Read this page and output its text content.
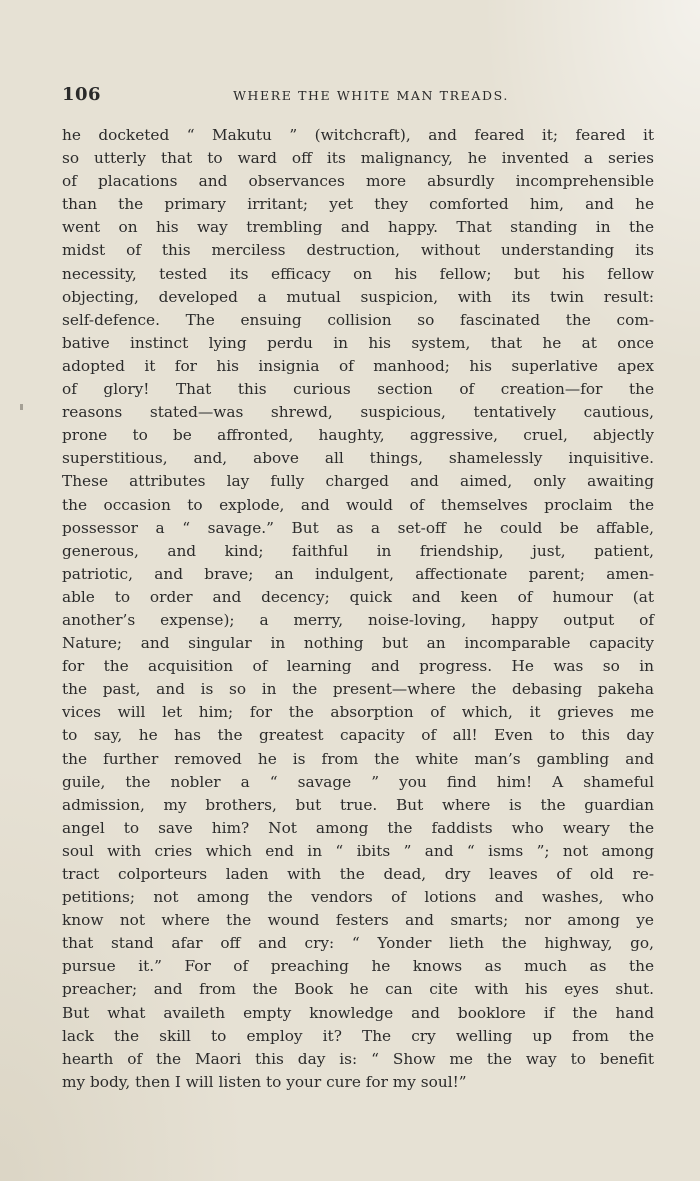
106	WHERE THE WHITE MAN TREADS.
he docketed “ Makutu ” (witchcraft), and feared it; feared it
so utterly that to ward off its malignancy, he invented a series
of placations and observances more absurdly incomprehensible
than the primary irritant; yet they comforted him, and he
went on his way trembling and happy. That standing in the
midst of this merciless destruction, without understanding its
necessity, tested its efficacy on his fellow; but his fellow
objecting, developed a mutual suspicion, with its twin result:
self-defence. The ensuing collision so fascinated the com-
bative instinct lying perdu in his system, that he at once
adopted it for his insignia of manhood; his superlative apex
of glory! That this curious section of creation—for the
reasons stated—was shrewd, suspicious, tentatively cautious,
prone to be affronted, haughty, aggressive, cruel, abjectly
superstitious, and, above all things, shamelessly inquisitive.
These attributes lay fully charged and aimed, only awaiting
the occasion to explode, and would of themselves proclaim the
possessor a “ savage.” But as a set-off he could be affable,
generous, and kind; faithful in friendship, just, patient,
patriotic, and brave; an indulgent, affectionate parent; amen-
able to order and decency; quick and keen of humour (at
another’s expense); a merry, noise-loving, happy output of
Nature; and singular in nothing but an incomparable capacity
for the acquisition of learning and progress. He was so in
the past, and is so in the present—where the debasing pakeha
vices will let him; for the absorption of which, it grieves me
to say, he has the greatest capacity of all! Even to this day
the further removed he is from the white man’s gambling and
guile, the nobler a “ savage ” you find him! A shameful
admission, my brothers, but true. But where is the guardian
angel to save him? Not among the faddists who weary the
soul with cries which end in “ ibits ” and “ isms ”; not among
tract colporteurs laden with the dead, dry leaves of old re-
petitions; not among the vendors of lotions and washes, who
know not where the wound festers and smarts; nor among ye
that stand afar off and cry: “ Yonder lieth the highway, go,
pursue it.” For of preaching he knows as much as the
preacher; and from the Book he can cite with his eyes shut.
But what availeth empty knowledge and booklore if the hand
lack the skill to employ it? The cry welling up from the
hearth of the Maori this day is: “ Show me the way to benefit
my body, then I will listen to your cure for my soul!”
